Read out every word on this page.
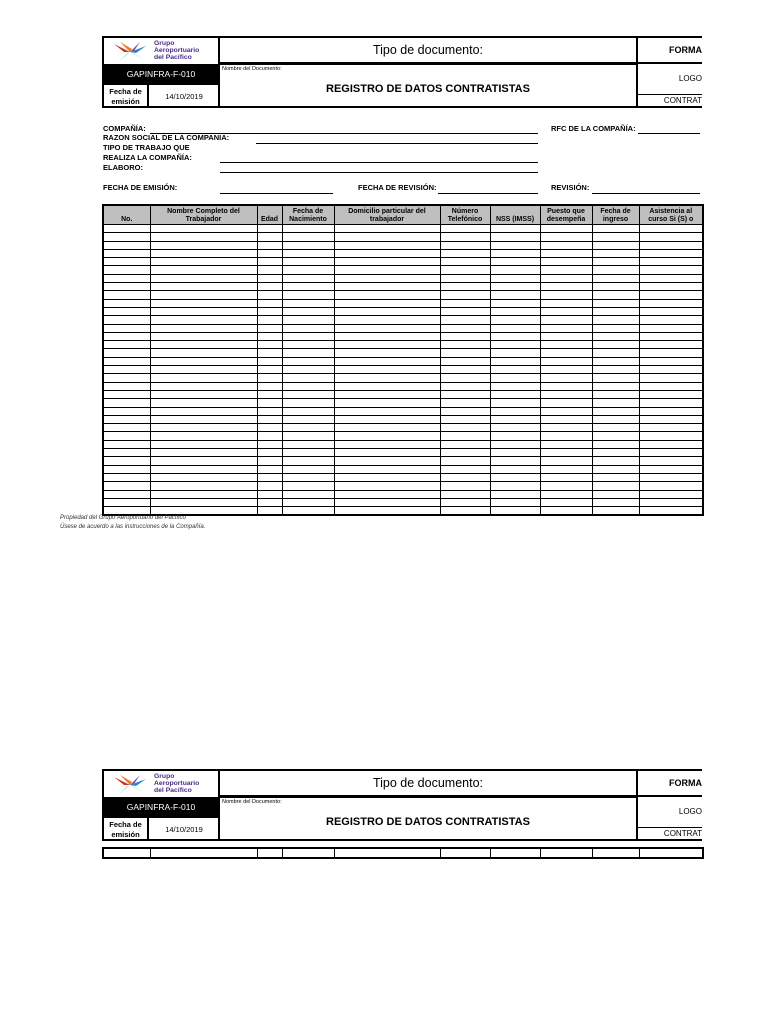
Grupo
Aeroportuario
del Pacífico
GAPINFRA-F-010
Fecha de emisión
14/10/2019
Tipo de documento:
Nombre del Documento:
REGISTRO DE DATOS CONTRATISTAS
FORMA
LOGO
CONTRAT
COMPAÑÍA:
RAZON SOCIAL DE LA COMPANIA:
TIPO DE TRABAJO QUE
REALIZA LA COMPAÑÍA:
ELABORO:
RFC DE LA COMPAÑÍA:
FECHA DE EMISIÓN:	FECHA DE REVISIÓN:	REVISIÓN:
No.	Nombre Completo del Trabajador	Edad	Fecha de Nacimiento	Domicilio particular del trabajador	Número Telefónico	NSS (IMSS)	Puesto que desempeña	Fecha de ingreso	Asistencia al curso Si (S) o

Propiedad del Grupo Aeroportuario del Pacífico
Úsese de acuerdo a las instrucciones de la Compañía.
Grupo
Aeroportuario
del Pacífico
GAPINFRA-F-010
Fecha de emisión
14/10/2019
Tipo de documento:
Nombre del Documento:
REGISTRO DE DATOS CONTRATISTAS
FORMA
LOGO
CONTRAT
